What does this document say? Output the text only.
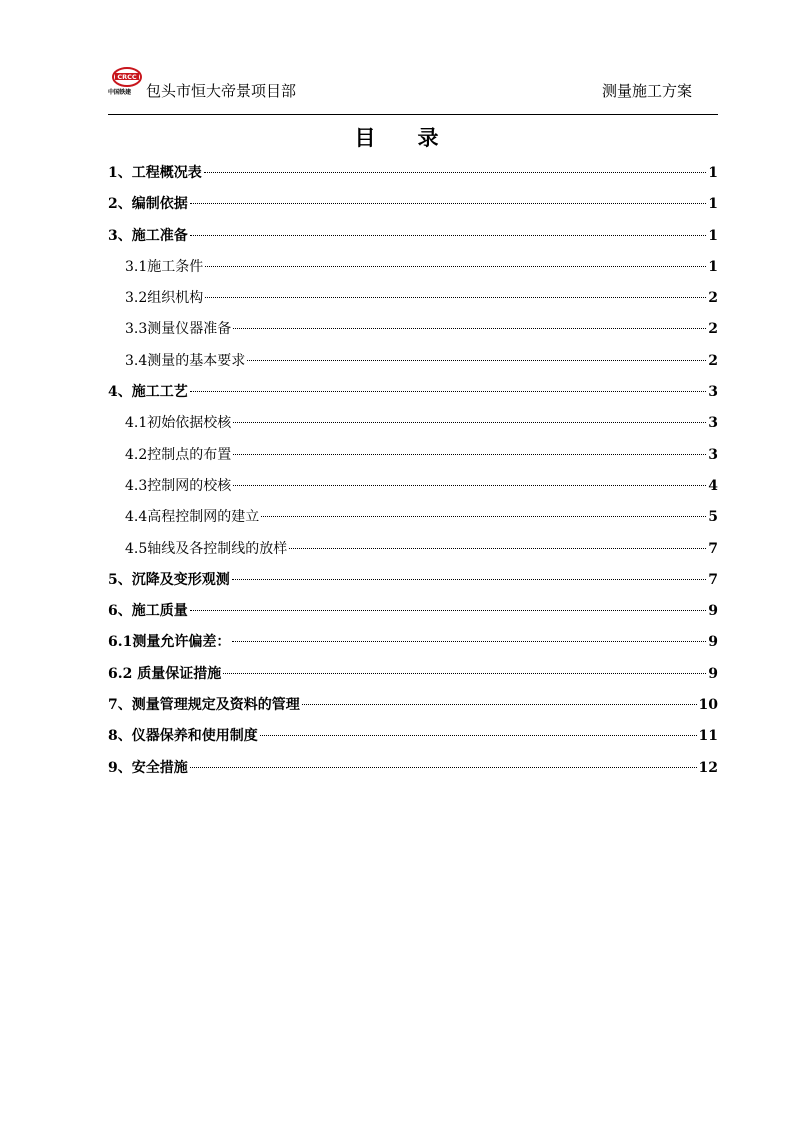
CRCC
中国铁建 包头市恒大帝景项目部	测量施工方案
目　　录
1、工程概况表	1
2、编制依据	1
3、施工准备	1
3.1施工条件	1
3.2组织机构	2
3.3测量仪器准备	2
3.4测量的基本要求	2
4、施工工艺	3
4.1初始依据校核	3
4.2控制点的布置	3
4.3控制网的校核	4
4.4高程控制网的建立	5
4.5轴线及各控制线的放样	7
5、沉降及变形观测	7
6、施工质量	9
6.1测量允许偏差：	9
6.2 质量保证措施	9
7、测量管理规定及资料的管理	10
8、仪器保养和使用制度	11
9、安全措施	12
